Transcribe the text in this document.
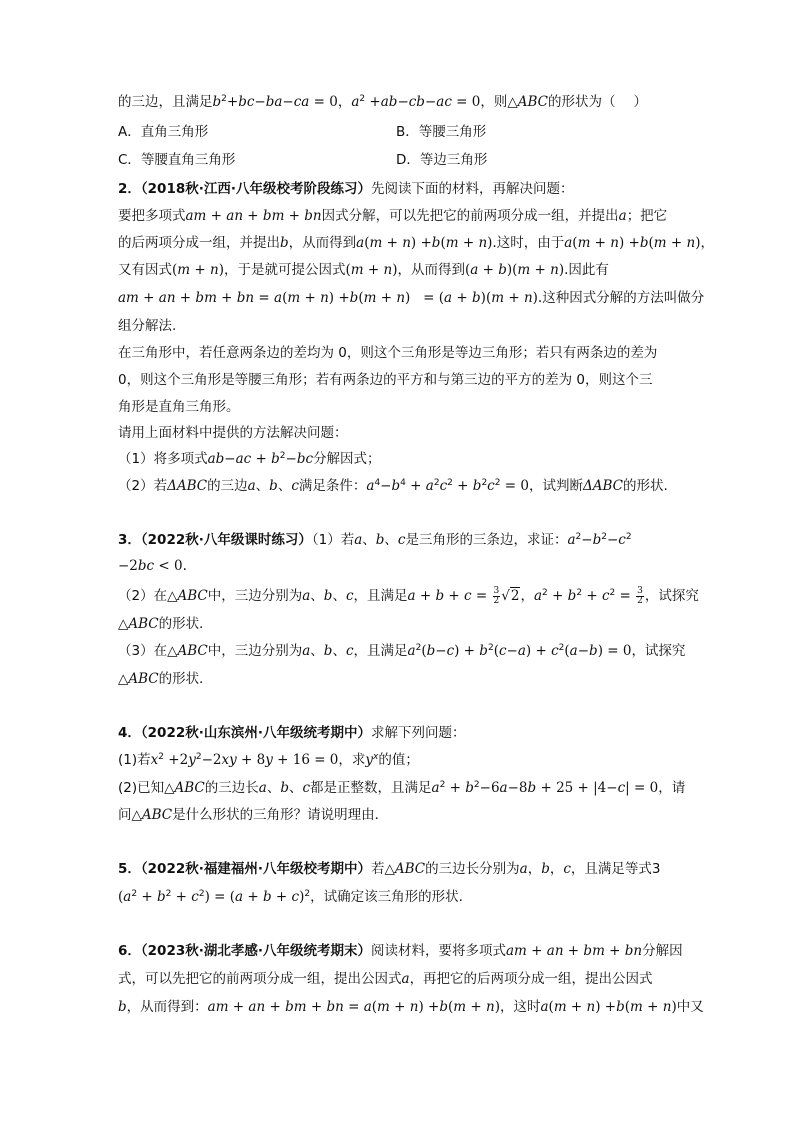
的三边，且满足$b^2+bc-ba-ca = 0$，$a^2 +ab-cb-ac = 0$，则△ABC的形状为（ ）
A．直角三角形	B．等腰三角形
C．等腰直角三角形	D．等边三角形
2．（2018秋·江西·八年级校考阶段练习）先阅读下面的材料，再解决问题：
要把多项式am + an + bm + bn因式分解，可以先把它的前两项分成一组，并提出a；把它
的后两项分成一组，并提出b，从而得到a(m + n) +b(m + n).这时，由于a(m + n) +b(m + n)，
又有因式(m + n)，于是就可提公因式(m + n)，从而得到(a + b)(m + n).因此有
am + an + bm + bn = a(m + n) +b(m + n)   = (a + b)(m + n).这种因式分解的方法叫做分
组分解法.
在三角形中，若任意两条边的差均为 0，则这个三角形是等边三角形；若只有两条边的差为
0，则这个三角形是等腰三角形；若有两条边的平方和与第三边的平方的差为 0，则这个三
角形是直角三角形。
请用上面材料中提供的方法解决问题：
（1）将多项式$ab-ac + b^2-bc$分解因式；
（2）若ΔABC的三边a、b、c满足条件：$a^4-b^4 + a^2c^2 + b^2c^2 = 0$，试判断ΔABC的形状.
3．（2022秋·八年级课时练习）（1）若a、b、c是三角形的三条边，求证：$a^2-b^2-c^2$
−2bc < 0.
（2）在△ABC中，三边分别为a、b、c，且满足$a + b + c = \frac{3}{2} √2$，$a^2 + b^2 + c^2 = \frac{3}{2}$ ，试探究
△ABC的形状．
（3）在△ABC中，三边分别为a、b、c，且满足$a^2(b-c) + b^2(c-a) + c^2(a-b) = 0$，试探究
△ABC的形状．
4．（2022秋·山东滨州·八年级统考期中）求解下列问题：
(1)若$x^2 +2y^2-2xy + 8y + 16 = 0$，求$y^x$的值；
(2)已知△ABC的三边长a、b、c都是正整数，且满足$a^2 + b^2-6a-8b + 25 + |4-c| = 0$，请
问△ABC是什么形状的三角形？请说明理由．
5．（2022秋·福建福州·八年级校考期中）若△ABC的三边长分别为a，b，c，且满足等式3
$(a^2 + b^2 + c^2) = (a + b + c)^2$，试确定该三角形的形状.
6．（2023秋·湖北孝感·八年级统考期末）阅读材料，要将多项式am + an + bm + bn分解因
式，可以先把它的前两项分成一组，提出公因式a，再把它的后两项分成一组，提出公因式
b，从而得到：am + an + bm + bn = a(m + n) +b(m + n)，这时a(m + n) +b(m + n)中又
